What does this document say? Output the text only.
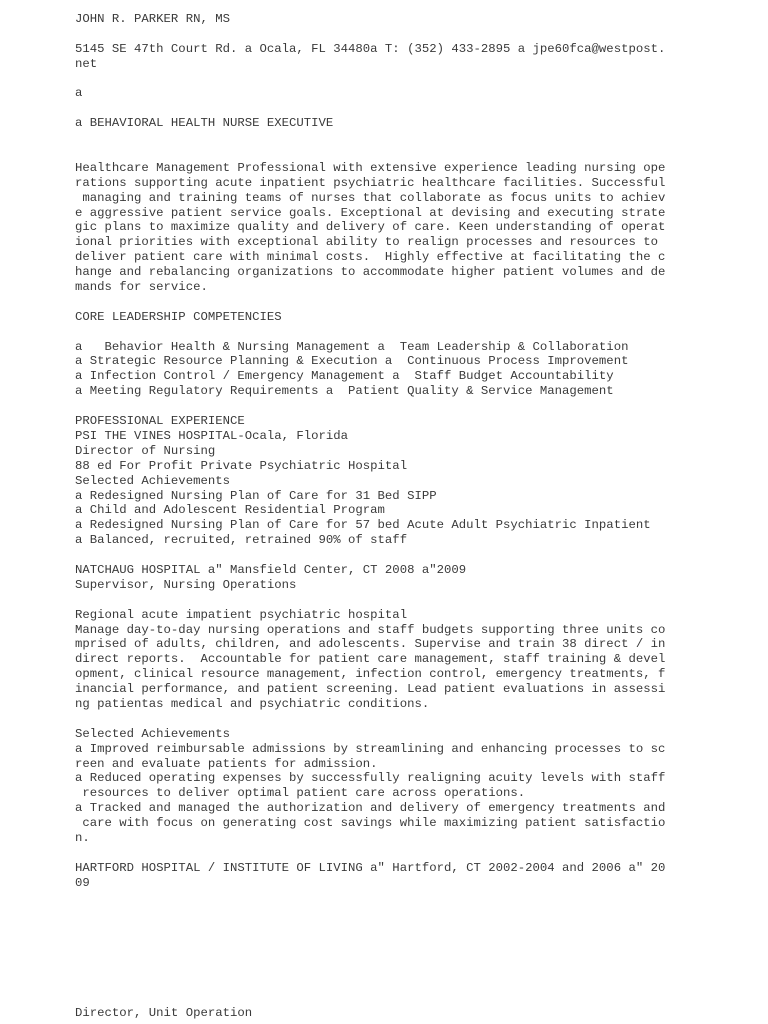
JOHN R. PARKER RN, MS
5145 SE 47th Court Rd. a Ocala, FL 34480a T: (352) 433-2895 a jpe60fca@westpost.
net
a
a BEHAVIORAL HEALTH NURSE EXECUTIVE
Healthcare Management Professional with extensive experience leading nursing ope
rations supporting acute inpatient psychiatric healthcare facilities. Successful
managing and training teams of nurses that collaborate as focus units to achiev
e aggressive patient service goals. Exceptional at devising and executing strate
gic plans to maximize quality and delivery of care. Keen understanding of operat
ional priorities with exceptional ability to realign processes and resources to
deliver patient care with minimal costs.  Highly effective at facilitating the c
hange and rebalancing organizations to accommodate higher patient volumes and de
mands for service.
CORE LEADERSHIP COMPETENCIES
a   Behavior Health & Nursing Management a  Team Leadership & Collaboration
a Strategic Resource Planning & Execution a  Continuous Process Improvement
a Infection Control / Emergency Management a  Staff Budget Accountability
a Meeting Regulatory Requirements a  Patient Quality & Service Management
PROFESSIONAL EXPERIENCE
PSI THE VINES HOSPITAL-Ocala, Florida
Director of Nursing
88 ed For Profit Private Psychiatric Hospital
Selected Achievements
a Redesigned Nursing Plan of Care for 31 Bed SIPP
a Child and Adolescent Residential Program
a Redesigned Nursing Plan of Care for 57 bed Acute Adult Psychiatric Inpatient
a Balanced, recruited, retrained 90% of staff
NATCHAUG HOSPITAL a" Mansfield Center, CT 2008 a"2009
Supervisor, Nursing Operations
Regional acute impatient psychiatric hospital
Manage day-to-day nursing operations and staff budgets supporting three units co
mprised of adults, children, and adolescents. Supervise and train 38 direct / in
direct reports.  Accountable for patient care management, staff training & devel
opment, clinical resource management, infection control, emergency treatments, f
inancial performance, and patient screening. Lead patient evaluations in assessi
ng patientas medical and psychiatric conditions.
Selected Achievements
a Improved reimbursable admissions by streamlining and enhancing processes to sc
reen and evaluate patients for admission.
a Reduced operating expenses by successfully realigning acuity levels with staff
resources to deliver optimal patient care across operations.
a Tracked and managed the authorization and delivery of emergency treatments and
care with focus on generating cost savings while maximizing patient satisfactio
n.
HARTFORD HOSPITAL / INSTITUTE OF LIVING a" Hartford, CT 2002-2004 and 2006 a" 20
09
Director, Unit Operation
